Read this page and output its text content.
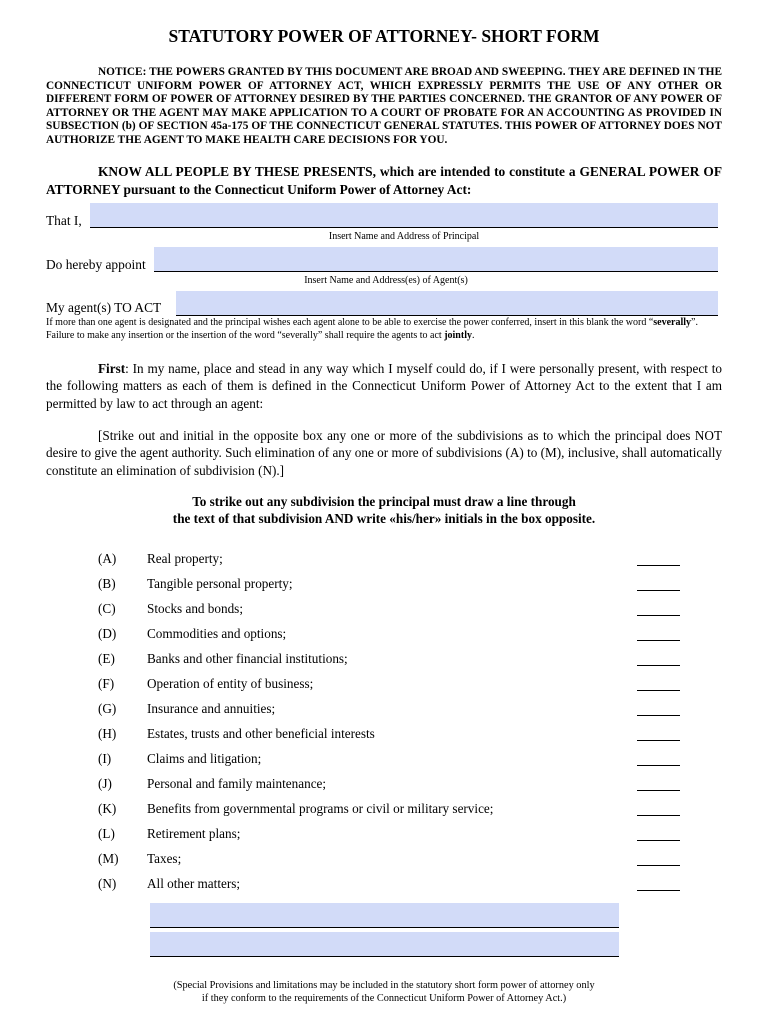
STATUTORY POWER OF ATTORNEY- SHORT FORM
NOTICE: THE POWERS GRANTED BY THIS DOCUMENT ARE BROAD AND SWEEPING. THEY ARE DEFINED IN THE CONNECTICUT UNIFORM POWER OF ATTORNEY ACT, WHICH EXPRESSLY PERMITS THE USE OF ANY OTHER OR DIFFERENT FORM OF POWER OF ATTORNEY DESIRED BY THE PARTIES CONCERNED. THE GRANTOR OF ANY POWER OF ATTORNEY OR THE AGENT MAY MAKE APPLICATION TO A COURT OF PROBATE FOR AN ACCOUNTING AS PROVIDED IN SUBSECTION (b) OF SECTION 45a-175 OF THE CONNECTICUT GENERAL STATUTES. THIS POWER OF ATTORNEY DOES NOT AUTHORIZE THE AGENT TO MAKE HEALTH CARE DECISIONS FOR YOU.
KNOW ALL PEOPLE BY THESE PRESENTS, which are intended to constitute a GENERAL POWER OF ATTORNEY pursuant to the Connecticut Uniform Power of Attorney Act:
That I,
Insert Name and Address of Principal
Do hereby appoint
Insert Name and Address(es) of Agent(s)
My agent(s) TO ACT
If more than one agent is designated and the principal wishes each agent alone to be able to exercise the power conferred, insert in this blank the word “severally”. Failure to make any insertion or the insertion of the word “severally” shall require the agents to act jointly.
First: In my name, place and stead in any way which I myself could do, if I were personally present, with respect to the following matters as each of them is defined in the Connecticut Uniform Power of Attorney Act to the extent that I am permitted by law to act through an agent:
[Strike out and initial in the opposite box any one or more of the subdivisions as to which the principal does NOT desire to give the agent authority. Such elimination of any one or more of subdivisions (A) to (M), inclusive, shall automatically constitute an elimination of subdivision (N).]
To strike out any subdivision the principal must draw a line through
the text of that subdivision AND write «his/her» initials in the box opposite.
(A) Real property;
(B) Tangible personal property;
(C) Stocks and bonds;
(D) Commodities and options;
(E) Banks and other financial institutions;
(F) Operation of entity of business;
(G) Insurance and annuities;
(H) Estates, trusts and other beneficial interests
(I)	Claims and litigation;
(J)	Personal and family maintenance;
(K) Benefits from governmental programs or civil or military service;
(L) Retirement plans;
(M) Taxes;
(N) All other matters;
(Special Provisions and limitations may be included in the statutory short form power of attorney only
if they conform to the requirements of the Connecticut Uniform Power of Attorney Act.)
